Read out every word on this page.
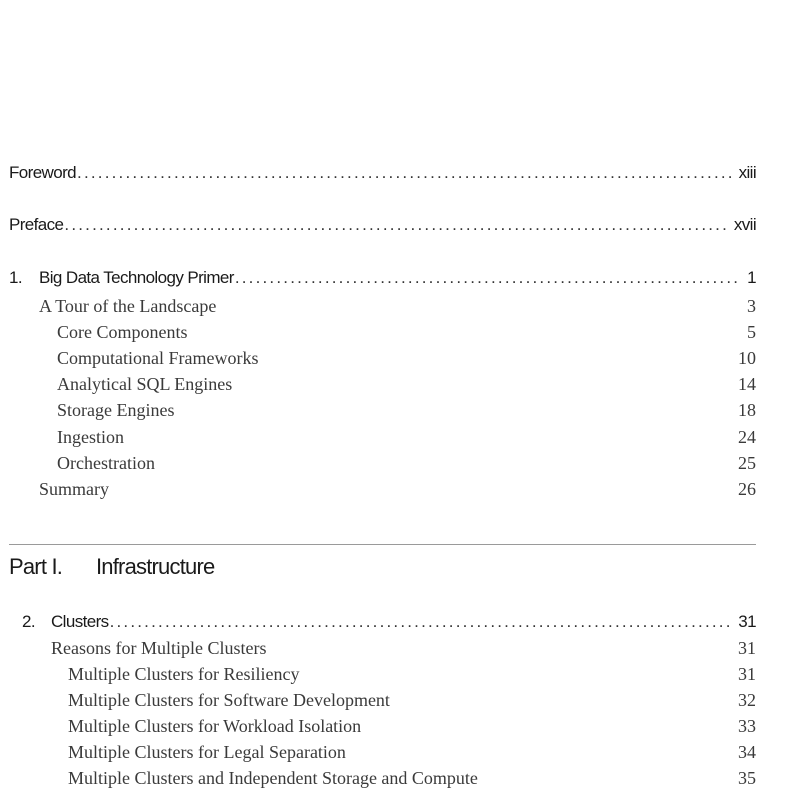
Foreword .....	xiii
Preface .....	xvii
1. Big Data Technology Primer .....	1
A Tour of the Landscape	3
Core Components	5
Computational Frameworks	10
Analytical SQL Engines	14
Storage Engines	18
Ingestion	24
Orchestration	25
Summary	26
Part I. Infrastructure
2. Clusters .....	31
Reasons for Multiple Clusters	31
Multiple Clusters for Resiliency	31
Multiple Clusters for Software Development	32
Multiple Clusters for Workload Isolation	33
Multiple Clusters for Legal Separation	34
Multiple Clusters and Independent Storage and Compute	35
